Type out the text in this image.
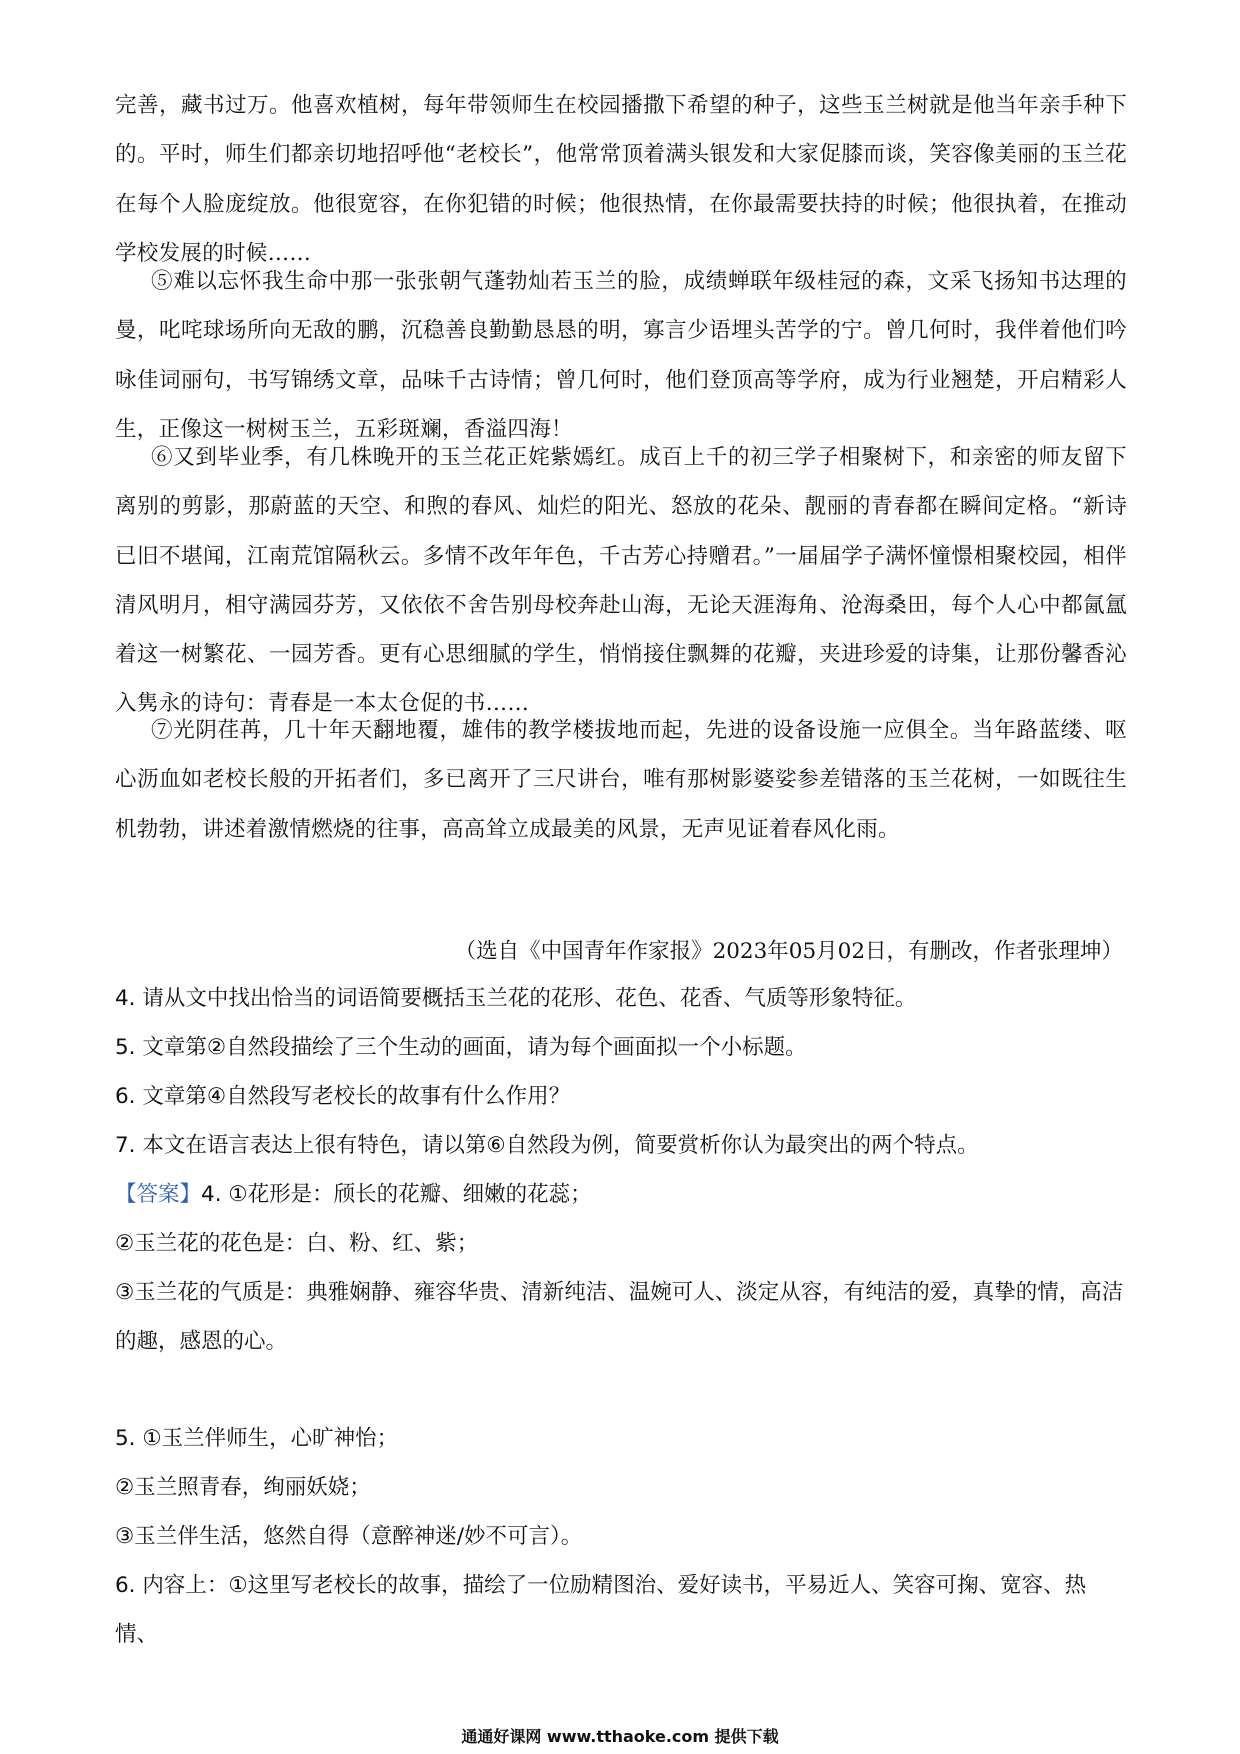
完善，藏书过万。他喜欢植树，每年带领师生在校园播撒下希望的种子，这些玉兰树就是他当年亲手种下的。平时，师生们都亲切地招呼他“老校长”，他常常顶着满头银发和大家促膝而谈，笑容像美丽的玉兰花在每个人脸庞绽放。他很宽容，在你犯错的时候；他很热情，在你最需要扶持的时候；他很执着，在推动学校发展的时候……

⑤难以忘怀我生命中那一张张朝气蓬勃灿若玉兰的脸，成绩蝉联年级桂冠的森，文采飞扬知书达理的曼，叱咤球场所向无敌的鹏，沉稳善良勤勤恳恳的明，寡言少语埋头苦学的宁。曾几何时，我伴着他们吟咏佳词丽句，书写锦绣文章，品味千古诗情；曾几何时，他们登顶高等学府，成为行业翘楚，开启精彩人生，正像这一树树玉兰，五彩斑斓，香溢四海！

⑥又到毕业季，有几株晚开的玉兰花正姹紫嫣红。成百上千的初三学子相聚树下，和亲密的师友留下离别的剪影，那蔚蓝的天空、和煦的春风、灿烂的阳光、怒放的花朵、靓丽的青春都在瞬间定格。“新诗已旧不堪闻，江南荒馆隔秋云。多情不改年年色，千古芳心持赠君。”一届届学子满怀憧憬相聚校园，相伴清风明月，相守满园芬芳，又依依不舍告别母校奔赴山海，无论天涯海角、沧海桑田，每个人心中都氤氲着这一树繁花、一园芳香。更有心思细腻的学生，悄悄接住飘舞的花瓣，夹进珍爱的诗集，让那份馨香沁入隽永的诗句：青春是一本太仓促的书……

⑦光阴荏苒，几十年天翻地覆，雄伟的教学楼拔地而起，先进的设备设施一应俱全。当年路蓝缕、呕心沥血如老校长般的开拓者们，多已离开了三尺讲台，唯有那树影婆娑参差错落的玉兰花树，一如既往生机勃勃，讲述着激情燃烧的往事，高高耸立成最美的风景，无声见证着春风化雨。

（选自《中国青年作家报》2023年05月02日，有删改，作者张理坤）

4. 请从文中找出恰当的词语简要概括玉兰花的花形、花色、花香、气质等形象特征。

5. 文章第②自然段描绘了三个生动的画面，请为每个画面拟一个小标题。

6. 文章第④自然段写老校长的故事有什么作用？

7. 本文在语言表达上很有特色，请以第⑥自然段为例，简要赏析你认为最突出的两个特点。

【答案】4. ①花形是：颀长的花瓣、细嫩的花蕊；

②玉兰花的花色是：白、粉、红、紫；

③玉兰花的气质是：典雅娴静、雍容华贵、清新纯洁、温婉可人、淡定从容，有纯洁的爱，真挚的情，高洁的趣，感恩的心。

5. ①玉兰伴师生，心旷神怡；

②玉兰照青春，绚丽妖娆；

③玉兰伴生活，悠然自得（意醉神迷/妙不可言）。

6. 内容上：①这里写老校长的故事，描绘了一位励精图治、爱好读书，平易近人、笑容可掬、宽容、热情、

通通好课网 www.tthaoke.com 提供下载
